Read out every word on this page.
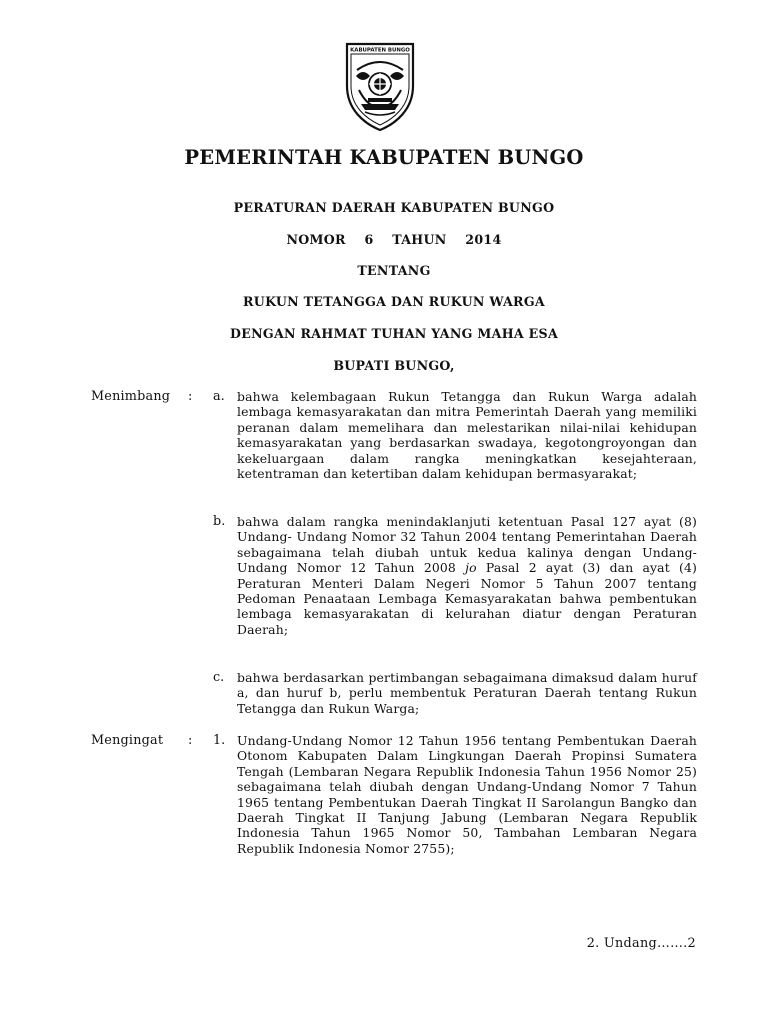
KABUPATEN BUNGO
PEMERINTAH KABUPATEN BUNGO
PERATURAN DAERAH KABUPATEN BUNGO
NOMOR 6 TAHUN 2014
TENTANG
RUKUN TETANGGA DAN RUKUN WARGA
DENGAN RAHMAT TUHAN YANG MAHA ESA
BUPATI BUNGO,
Menimbang : a. bahwa kelembagaan Rukun Tetangga dan Rukun Warga adalah lembaga kemasyarakatan dan mitra Pemerintah Daerah yang memiliki peranan dalam memelihara dan melestarikan nilai-nilai kehidupan kemasyarakatan yang berdasarkan swadaya, kegotongroyongan dan kekeluargaan dalam rangka meningkatkan kesejahteraan, ketentraman dan ketertiban dalam kehidupan bermasyarakat;

b. bahwa dalam rangka menindaklanjuti ketentuan Pasal 127 ayat (8) Undang- Undang Nomor 32 Tahun 2004 tentang Pemerintahan Daerah sebagaimana telah diubah untuk kedua kalinya dengan Undang-Undang Nomor 12 Tahun 2008 jo Pasal 2 ayat (3) dan ayat (4) Peraturan Menteri Dalam Negeri Nomor 5 Tahun 2007 tentang Pedoman Penaataan Lembaga Kemasyarakatan bahwa pembentukan lembaga kemasyarakatan di kelurahan diatur dengan Peraturan Daerah;

c. bahwa berdasarkan pertimbangan sebagaimana dimaksud dalam huruf a, dan huruf b, perlu membentuk Peraturan Daerah tentang Rukun Tetangga dan Rukun Warga;

Mengingat : 1. Undang-Undang Nomor 12 Tahun 1956 tentang Pembentukan Daerah Otonom Kabupaten Dalam Lingkungan Daerah Propinsi Sumatera Tengah (Lembaran Negara Republik Indonesia Tahun 1956 Nomor 25) sebagaimana telah diubah dengan Undang-Undang Nomor 7 Tahun 1965 tentang Pembentukan Daerah Tingkat II Sarolangun Bangko dan Daerah Tingkat II Tanjung Jabung (Lembaran Negara Republik Indonesia Tahun 1965 Nomor 50, Tambahan Lembaran Negara Republik Indonesia Nomor 2755);

2. Undang…….2
